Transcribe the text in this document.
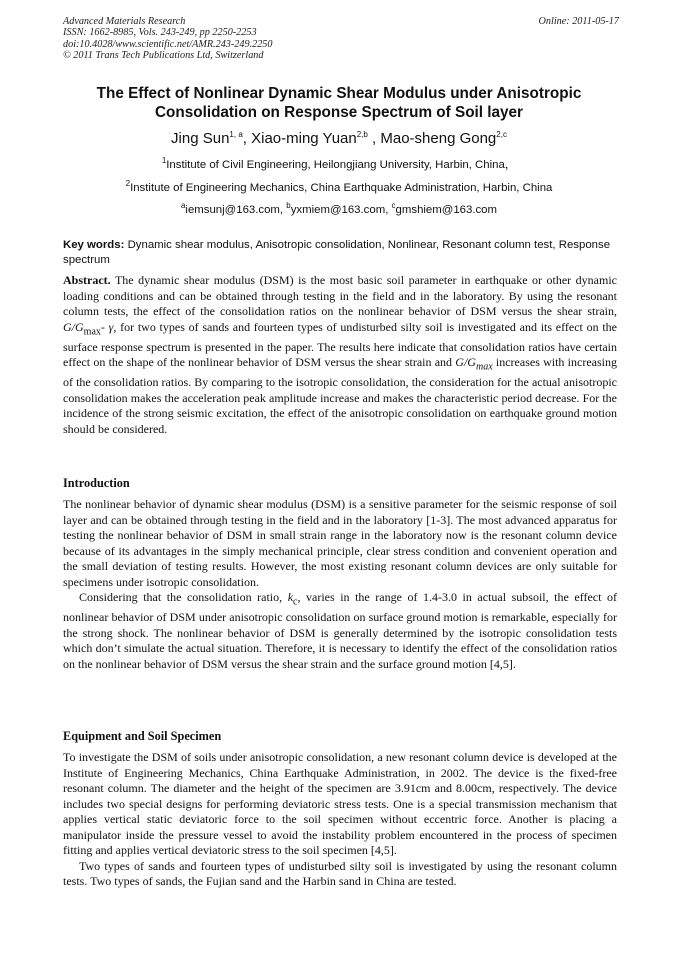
Advanced Materials Research
ISSN: 1662-8985, Vols. 243-249, pp 2250-2253
doi:10.4028/www.scientific.net/AMR.243-249.2250
© 2011 Trans Tech Publications Ltd, Switzerland
Online: 2011-05-17
The Effect of Nonlinear Dynamic Shear Modulus under Anisotropic
Consolidation on Response Spectrum of Soil layer
Jing Sun$^{1, a}$, Xiao-ming Yuan$^{2,b}$ , Mao-sheng Gong$^{2,c}$
$^1$Institute of Civil Engineering, Heilongjiang University, Harbin, China，
$^2$Institute of Engineering Mechanics, China Earthquake Administration, Harbin, China
$^a$iemsunj@163.com, $^b$yxmiem@163.com, $^c$gmshiem@163.com
Key words: Dynamic shear modulus, Anisotropic consolidation, Nonlinear, Resonant column test, Response spectrum

Abstract. The dynamic shear modulus (DSM) is the most basic soil parameter in earthquake or other dynamic loading conditions and can be obtained through testing in the field and in the laboratory. By using the resonant column tests, the effect of the consolidation ratios on the nonlinear behavior of DSM versus the shear strain, $G/G_{max}-$ γ, for two types of sands and fourteen types of undisturbed silty soil is investigated and its effect on the surface response spectrum is presented in the paper. The results here indicate that consolidation ratios have certain effect on the shape of the nonlinear behavior of DSM versus the shear strain and $G/G_{max}$ increases with increasing of the consolidation ratios. By comparing to the isotropic consolidation, the consideration for the actual anisotropic consolidation makes the acceleration peak amplitude increase and makes the characteristic period decrease. For the incidence of the strong seismic excitation, the effect of the anisotropic consolidation on earthquake ground motion should be considered.

Introduction

The nonlinear behavior of dynamic shear modulus (DSM) is a sensitive parameter for the seismic response of soil layer and can be obtained through testing in the field and in the laboratory [1-3]. The most advanced apparatus for testing the nonlinear behavior of DSM in small strain range in the laboratory now is the resonant column device because of its advantages in the simply mechanical principle, clear stress condition and convenient operation and the small deviation of testing results. However, the most existing resonant column devices are only suitable for specimens under isotropic consolidation.

Considering that the consolidation ratio, $k_c$, varies in the range of 1.4-3.0 in actual subsoil, the effect of nonlinear behavior of DSM under anisotropic consolidation on surface ground motion is remarkable, especially for the strong shock. The nonlinear behavior of DSM is generally determined by the isotropic consolidation tests which don’t simulate the actual situation. Therefore, it is necessary to identify the effect of the consolidation ratios on the nonlinear behavior of DSM versus the shear strain and the surface ground motion [4,5].

Equipment and Soil Specimen

To investigate the DSM of soils under anisotropic consolidation, a new resonant column device is developed at the Institute of Engineering Mechanics, China Earthquake Administration, in 2002. The device is the fixed-free resonant column. The diameter and the height of the specimen are 3.91cm and 8.00cm, respectively. The device includes two special designs for performing deviatoric stress tests. One is a special transmission mechanism that applies vertical static deviatoric force to the soil specimen without eccentric force. Another is placing a manipulator inside the pressure vessel to avoid the instability problem encountered in the process of specimen fitting and applies vertical deviatoric stress to the soil specimen [4,5].

Two types of sands and fourteen types of undisturbed silty soil is investigated by using the resonant column tests. Two types of sands, the Fujian sand and the Harbin sand in China are tested.
